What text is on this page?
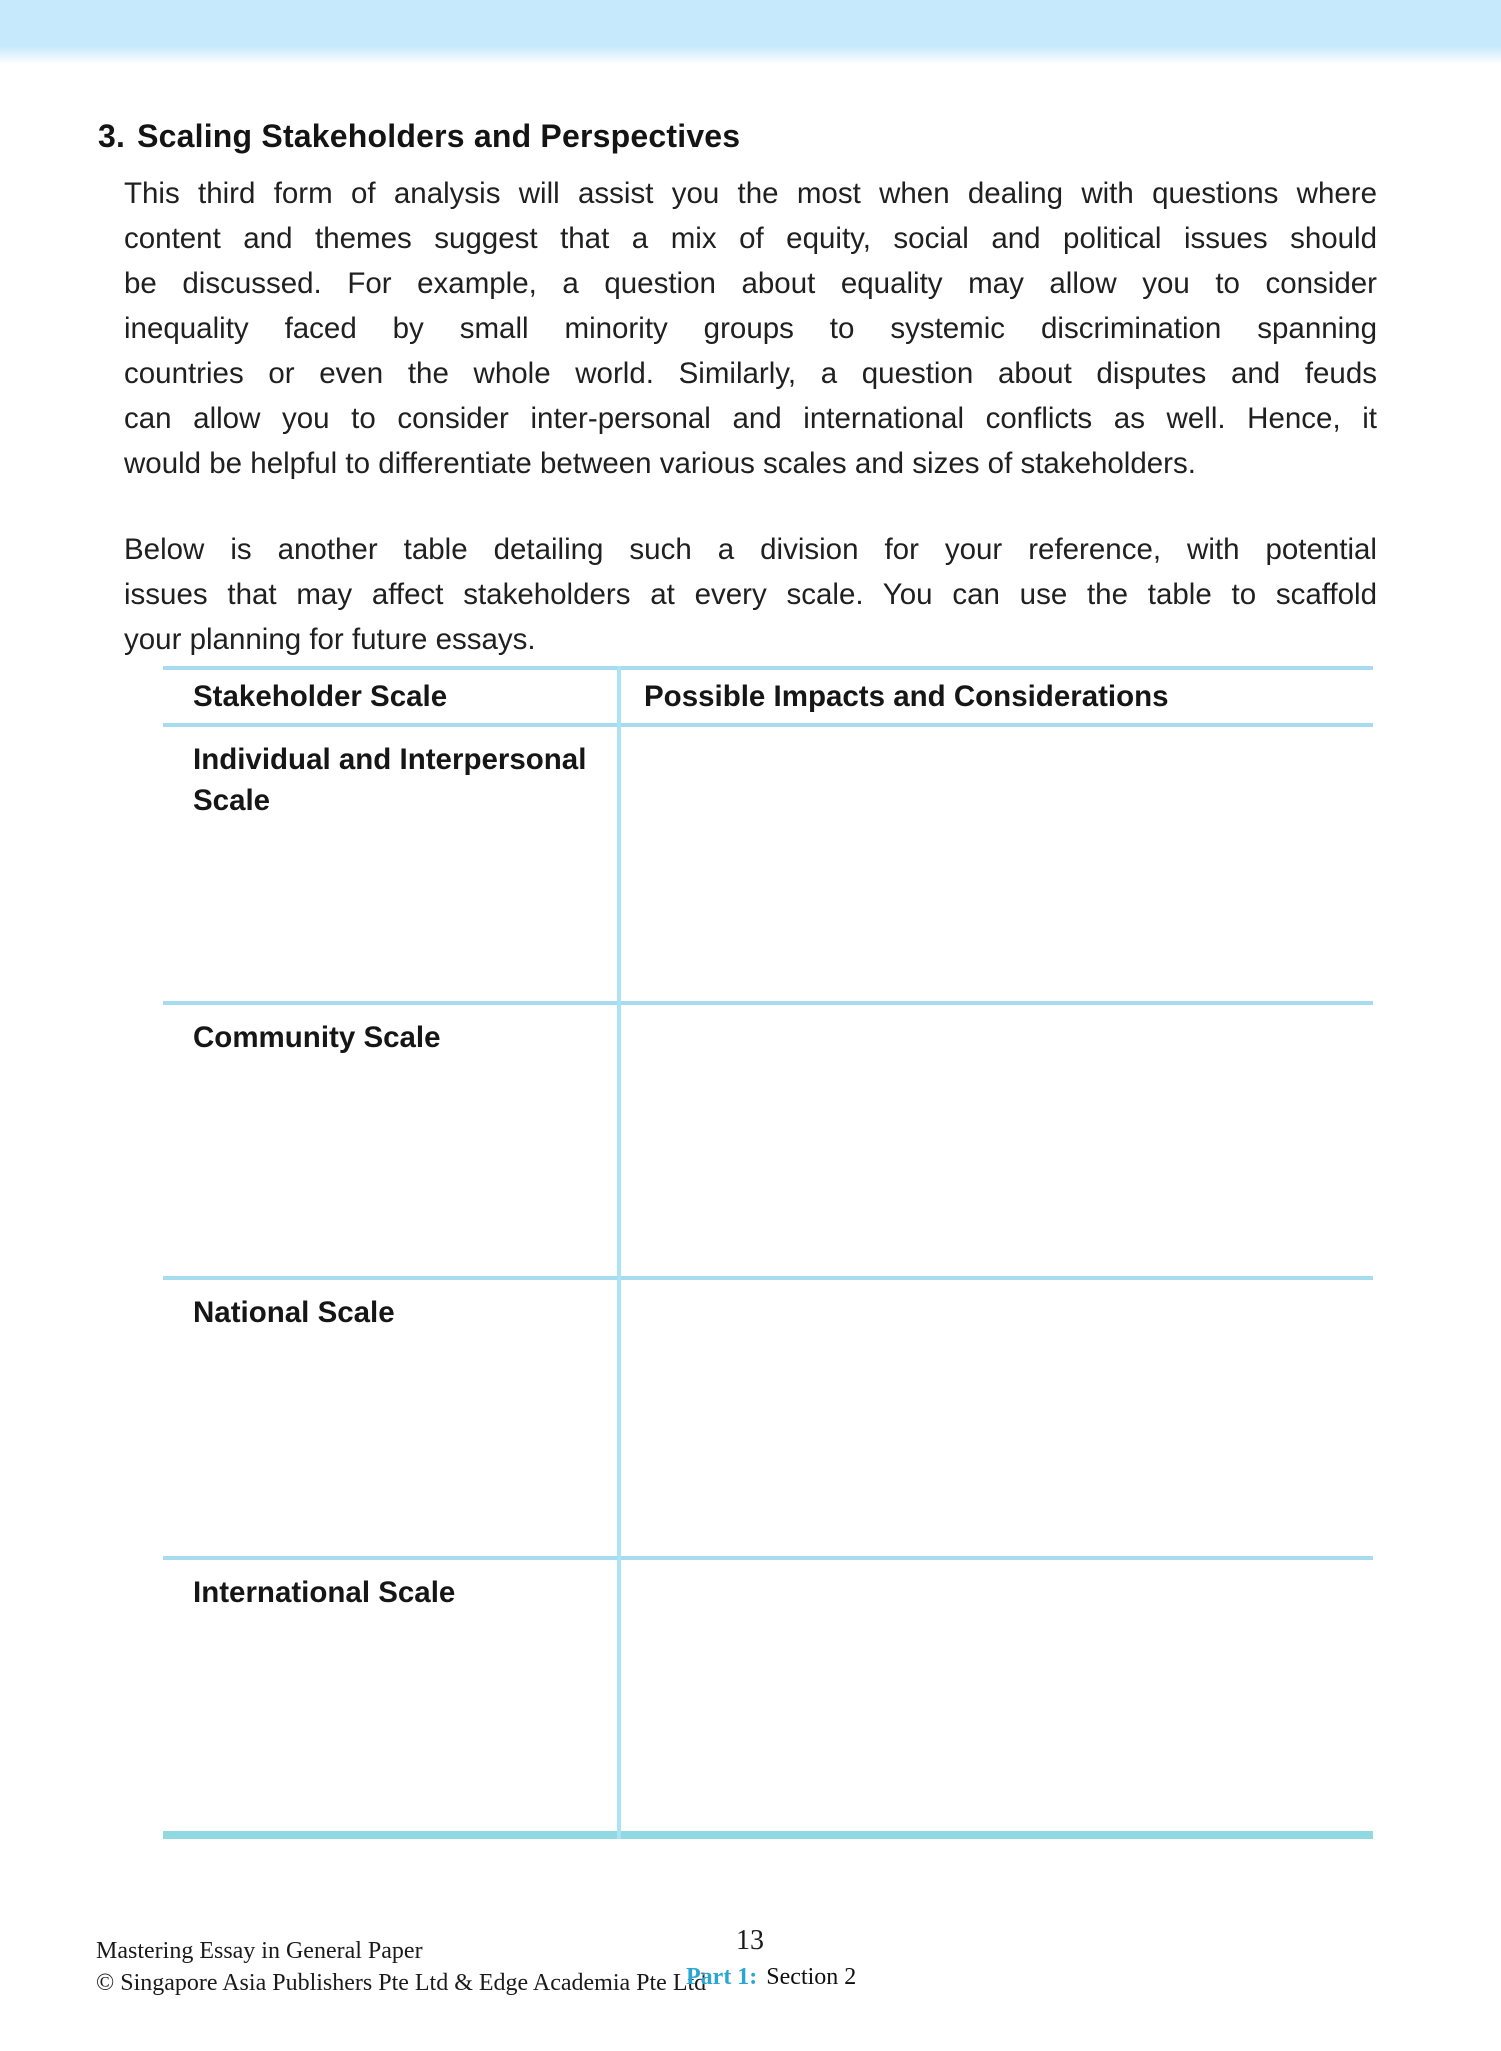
3. Scaling Stakeholders and Perspectives
This third form of analysis will assist you the most when dealing with questions where
content and themes suggest that a mix of equity, social and political issues should
be discussed. For example, a question about equality may allow you to consider
inequality faced by small minority groups to systemic discrimination spanning
countries or even the whole world. Similarly, a question about disputes and feuds
can allow you to consider inter-personal and international conflicts as well. Hence, it
would be helpful to differentiate between various scales and sizes of stakeholders.
Below is another table detailing such a division for your reference, with potential
issues that may affect stakeholders at every scale. You can use the table to scaffold
your planning for future essays.
Stakeholder Scale	Possible Impacts and Considerations
Individual and Interpersonal Scale
Community Scale
National Scale
International Scale
Mastering Essay in General Paper
© Singapore Asia Publishers Pte Ltd & Edge Academia Pte Ltd
13
Part 1: Section 2
